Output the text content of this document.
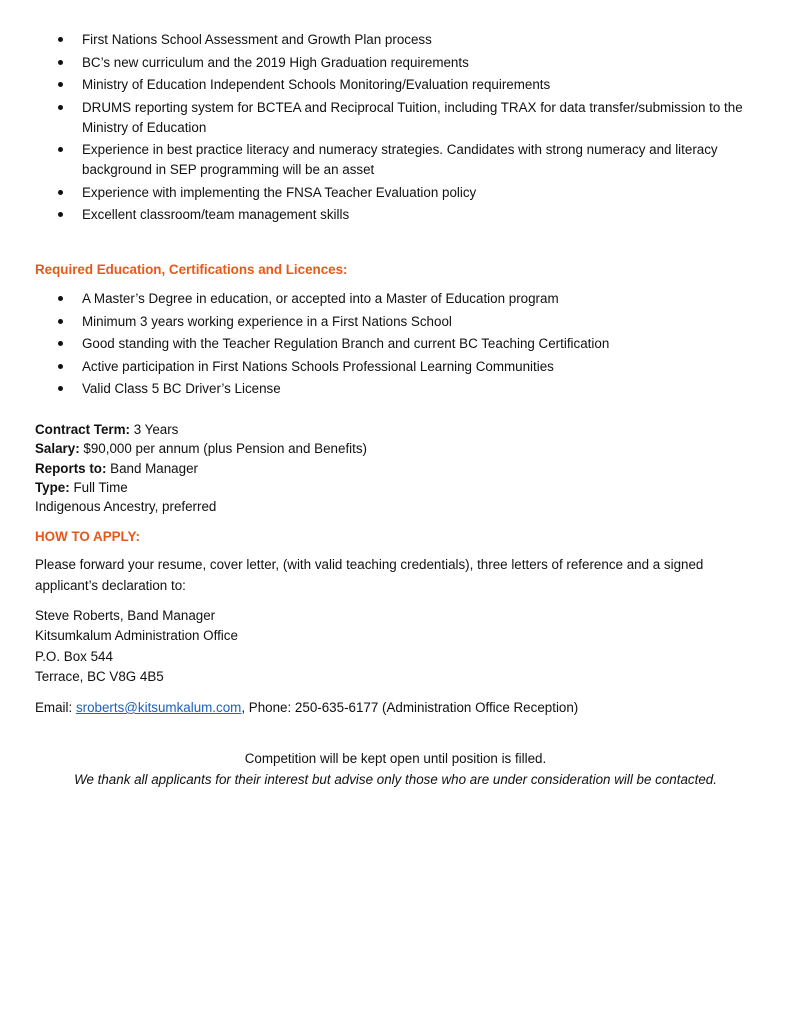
First Nations School Assessment and Growth Plan process
BC’s new curriculum and the 2019 High Graduation requirements
Ministry of Education Independent Schools Monitoring/Evaluation requirements
DRUMS reporting system for BCTEA and Reciprocal Tuition, including TRAX for data transfer/submission to the Ministry of Education
Experience in best practice literacy and numeracy strategies. Candidates with strong numeracy and literacy background in SEP programming will be an asset
Experience with implementing the FNSA Teacher Evaluation policy
Excellent classroom/team management skills
Required Education, Certifications and Licences:
A Master’s Degree in education, or accepted into a Master of Education program
Minimum 3 years working experience in a First Nations School
Good standing with the Teacher Regulation Branch and current BC Teaching Certification
Active participation in First Nations Schools Professional Learning Communities
Valid Class 5 BC Driver’s License
Contract Term: 3 Years
Salary: $90,000 per annum (plus Pension and Benefits)
Reports to: Band Manager
Type: Full Time
Indigenous Ancestry, preferred
HOW TO APPLY:
Please forward your resume, cover letter, (with valid teaching credentials), three letters of reference and a signed applicant’s declaration to:
Steve Roberts, Band Manager
Kitsumkalum Administration Office
P.O. Box 544
Terrace, BC V8G 4B5
Email: sroberts@kitsumkalum.com, Phone: 250-635-6177 (Administration Office Reception)
Competition will be kept open until position is filled.
We thank all applicants for their interest but advise only those who are under consideration will be contacted.
